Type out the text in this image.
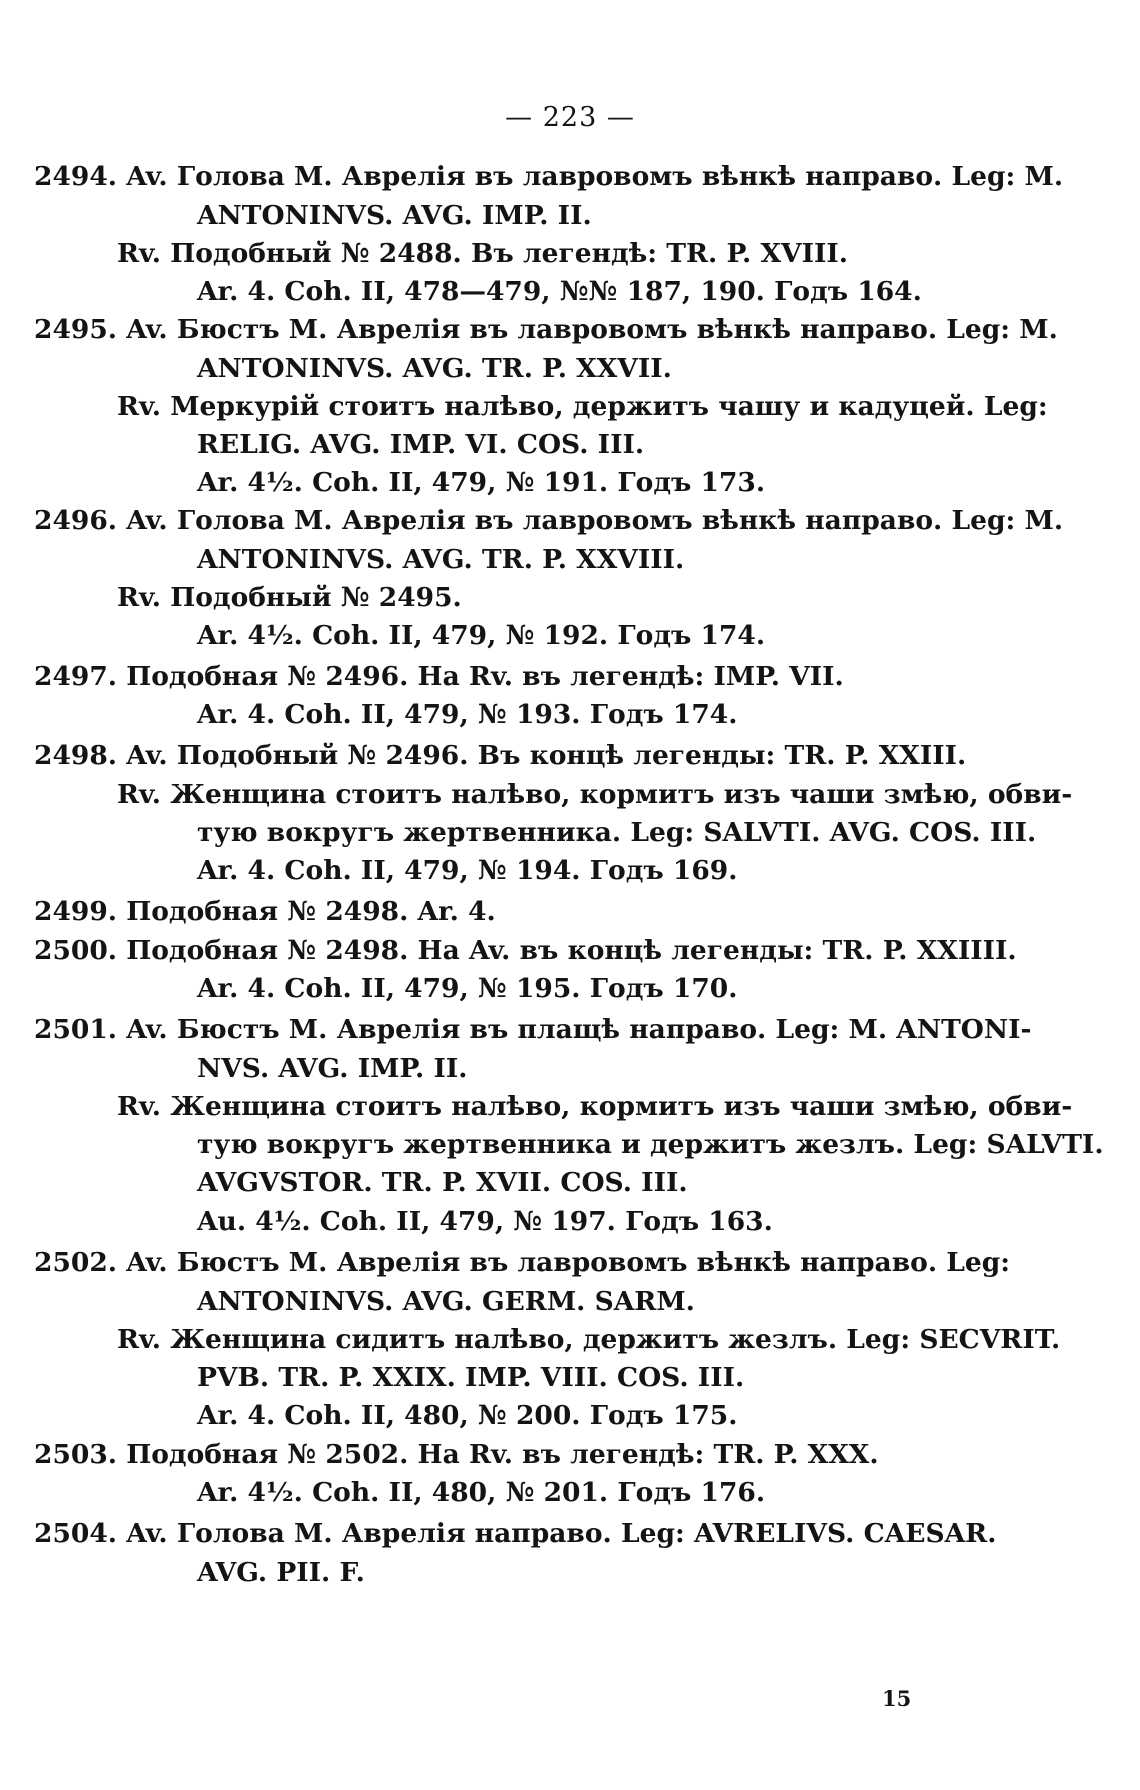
— 223 —
2494. Av. Голова М. Аврелія въ лавровомъ вѣнкѣ направо. Leg: M.
ANTONINVS. AVG. IMP. II.
Rv. Подобный № 2488. Въ легендѣ: TR. P. XVIII.
Ar. 4. Coh. II, 478—479, №№ 187, 190. Годъ 164.
2495. Av. Бюстъ М. Аврелія въ лавровомъ вѣнкѣ направо. Leg: M.
ANTONINVS. AVG. TR. P. XXVII.
Rv. Меркурій стоитъ налѣво, держитъ чашу и кадуцей. Leg:
RELIG. AVG. IMP. VI. COS. III.
Ar. 4½. Coh. II, 479, № 191. Годъ 173.
2496. Av. Голова М. Аврелія въ лавровомъ вѣнкѣ направо. Leg: M.
ANTONINVS. AVG. TR. P. XXVIII.
Rv. Подобный № 2495.
Ar. 4½. Coh. II, 479, № 192. Годъ 174.
2497. Подобная № 2496. На Rv. въ легендѣ: IMP. VII.
Ar. 4. Coh. II, 479, № 193. Годъ 174.
2498. Av. Подобный № 2496. Въ концѣ легенды: TR. P. XXIII.
Rv. Женщина стоитъ налѣво, кормитъ изъ чаши змѣю, обви-
тую вокругъ жертвенника. Leg: SALVTI. AVG. COS. III.
Ar. 4. Coh. II, 479, № 194. Годъ 169.
2499. Подобная № 2498. Ar. 4.
2500. Подобная № 2498. На Av. въ концѣ легенды: TR. P. XXIIII.
Ar. 4. Coh. II, 479, № 195. Годъ 170.
2501. Av. Бюстъ М. Аврелія въ плащѣ направо. Leg: M. ANTONI-
NVS. AVG. IMP. II.
Rv. Женщина стоитъ налѣво, кормитъ изъ чаши змѣю, обви-
тую вокругъ жертвенника и держитъ жезлъ. Leg: SALVTI.
AVGVSTOR. TR. P. XVII. COS. III.
Au. 4½. Coh. II, 479, № 197. Годъ 163.
2502. Av. Бюстъ М. Аврелія въ лавровомъ вѣнкѣ направо. Leg:
ANTONINVS. AVG. GERM. SARM.
Rv. Женщина сидитъ налѣво, держитъ жезлъ. Leg: SECVRIT.
PVB. TR. P. XXIX. IMP. VIII. COS. III.
Ar. 4. Coh. II, 480, № 200. Годъ 175.
2503. Подобная № 2502. На Rv. въ легендѣ: TR. P. XXX.
Ar. 4½. Coh. II, 480, № 201. Годъ 176.
2504. Av. Голова М. Аврелія направо. Leg: AVRELIVS. CAESAR.
AVG. PII. F.
15
